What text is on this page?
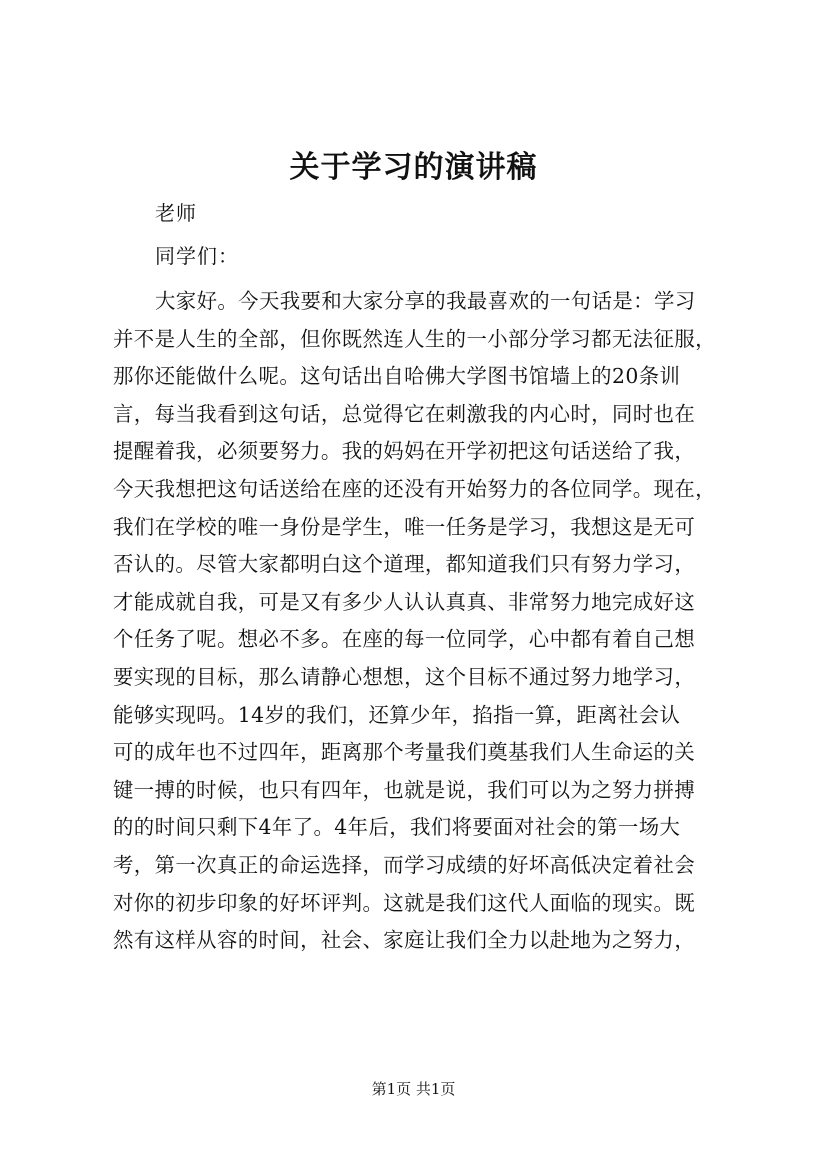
关于学习的演讲稿
老师
同学们：
大家好。今天我要和大家分享的我最喜欢的一句话是：学习
并不是人生的全部，但你既然连人生的一小部分学习都无法征服，
那你还能做什么呢。这句话出自哈佛大学图书馆墙上的20条训
言，每当我看到这句话，总觉得它在刺激我的内心时，同时也在
提醒着我，必须要努力。我的妈妈在开学初把这句话送给了我，
今天我想把这句话送给在座的还没有开始努力的各位同学。现在，
我们在学校的唯一身份是学生，唯一任务是学习，我想这是无可
否认的。尽管大家都明白这个道理，都知道我们只有努力学习，
才能成就自我，可是又有多少人认认真真、非常努力地完成好这
个任务了呢。想必不多。在座的每一位同学，心中都有着自己想
要实现的目标，那么请静心想想，这个目标不通过努力地学习，
能够实现吗。14岁的我们，还算少年，掐指一算，距离社会认
可的成年也不过四年，距离那个考量我们奠基我们人生命运的关
键一搏的时候，也只有四年，也就是说，我们可以为之努力拼搏
的的时间只剩下4年了。4年后，我们将要面对社会的第一场大
考，第一次真正的命运选择，而学习成绩的好坏高低决定着社会
对你的初步印象的好坏评判。这就是我们这代人面临的现实。既
然有这样从容的时间，社会、家庭让我们全力以赴地为之努力，
第1页 共1页
